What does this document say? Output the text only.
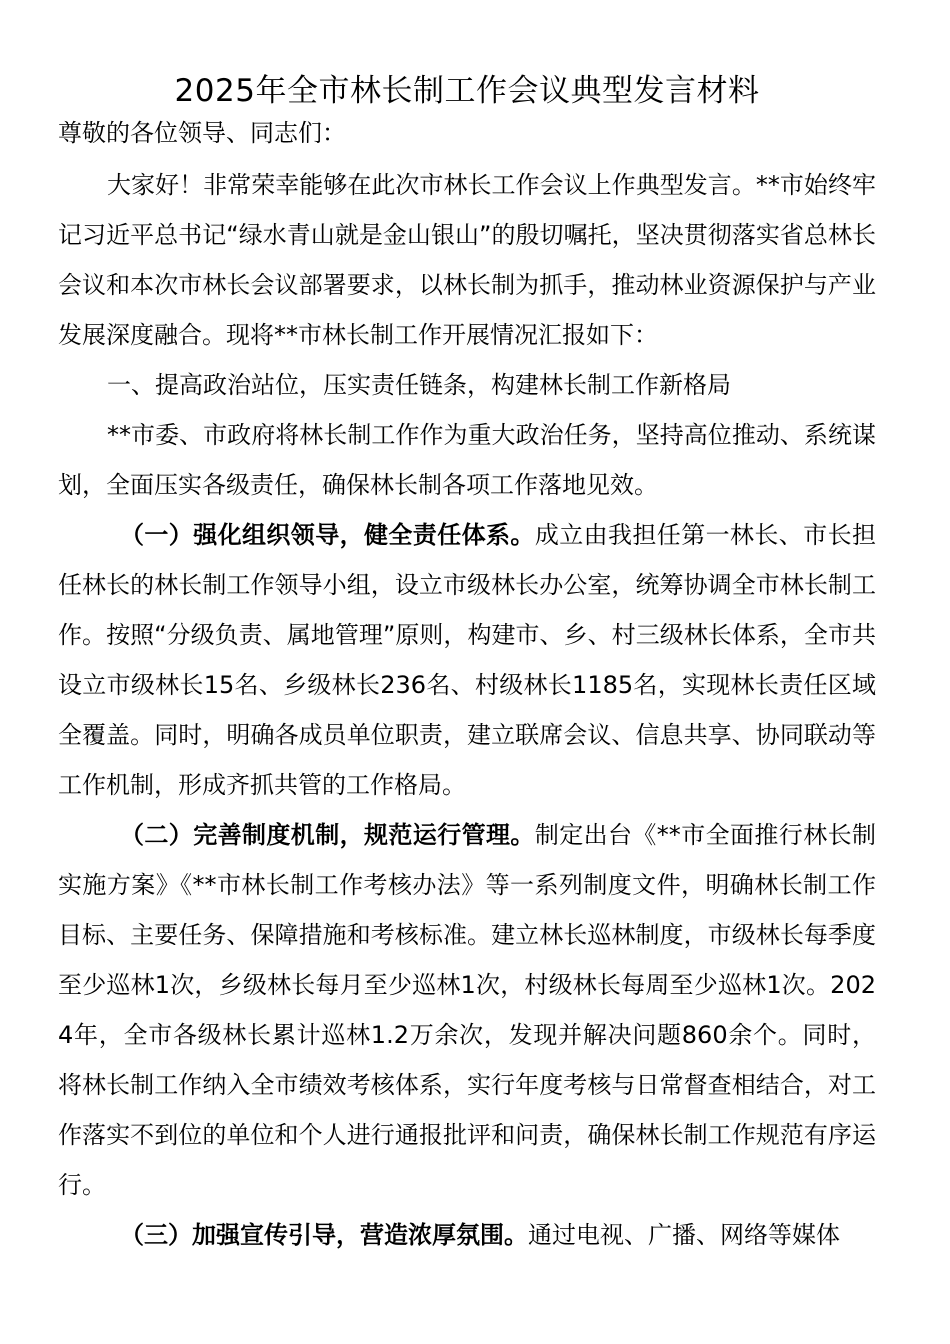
2025年全市林长制工作会议典型发言材料

尊敬的各位领导、同志们：

大家好！非常荣幸能够在此次市林长工作会议上作典型发言。**市始终牢记习近平总书记“绿水青山就是金山银山”的殷切嘱托，坚决贯彻落实省总林长会议和本次市林长会议部署要求，以林长制为抓手，推动林业资源保护与产业发展深度融合。现将**市林长制工作开展情况汇报如下：

一、提高政治站位，压实责任链条，构建林长制工作新格局

**市委、市政府将林长制工作作为重大政治任务，坚持高位推动、系统谋划，全面压实各级责任，确保林长制各项工作落地见效。

（一）强化组织领导，健全责任体系。成立由我担任第一林长、市长担任林长的林长制工作领导小组，设立市级林长办公室，统筹协调全市林长制工作。按照“分级负责、属地管理”原则，构建市、乡、村三级林长体系，全市共设立市级林长15名、乡级林长236名、村级林长1185名，实现林长责任区域全覆盖。同时，明确各成员单位职责，建立联席会议、信息共享、协同联动等工作机制，形成齐抓共管的工作格局。

（二）完善制度机制，规范运行管理。制定出台《**市全面推行林长制实施方案》《**市林长制工作考核办法》等一系列制度文件，明确林长制工作目标、主要任务、保障措施和考核标准。建立林长巡林制度，市级林长每季度至少巡林1次，乡级林长每月至少巡林1次，村级林长每周至少巡林1次。2024年，全市各级林长累计巡林1.2万余次，发现并解决问题860余个。同时，将林长制工作纳入全市绩效考核体系，实行年度考核与日常督查相结合，对工作落实不到位的单位和个人进行通报批评和问责，确保林长制工作规范有序运行。

（三）加强宣传引导，营造浓厚氛围。通过电视、广播、网络等媒体
